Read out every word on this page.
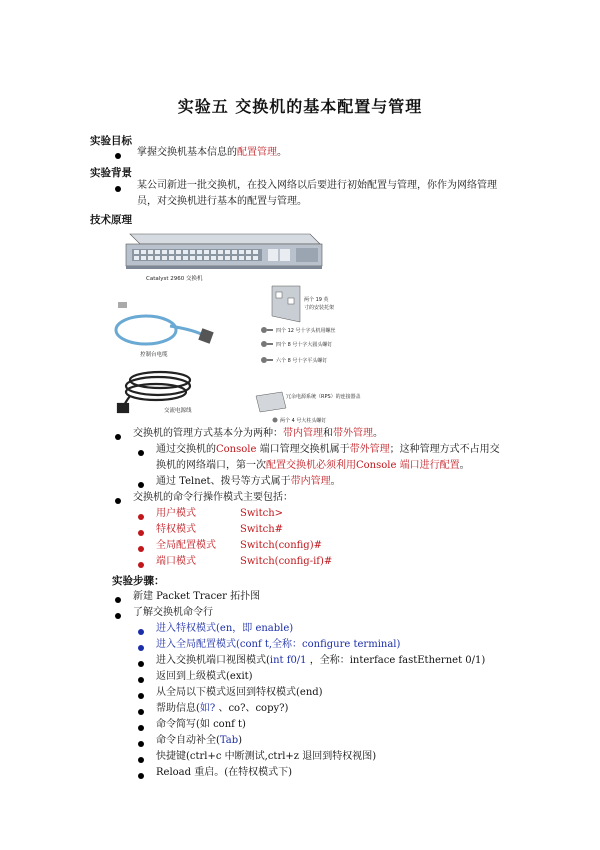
实验五 交换机的基本配置与管理
实验目标
掌握交换机基本信息的配置管理。
实验背景
某公司新进一批交换机，在投入网络以后要进行初始配置与管理，你作为网络管理
员，对交换机进行基本的配置与管理。
技术原理
Catalyst 2960 交换机
两个 19 英
寸的安装托架
四个 12 号十字头机用螺丝
四个 8 号十字大圆头螺钉
六个 8 号十字平头螺钉
控制台电缆
交流电源线
冗余电源系统（RPS）的连接器盖
两个 4 号大柱头螺钉
交换机的管理方式基本分为两种：带内管理和带外管理。
通过交换机的Console 端口管理交换机属于带外管理；这种管理方式不占用交
换机的网络端口，第一次配置交换机必须利用Console 端口进行配置。
通过 Telnet、拨号等方式属于带内管理。
交换机的命令行操作模式主要包括：
用户模式	Switch>
特权模式	Switch#
全局配置模式 Switch(config)#
端口模式	Switch(config-if)#
实验步骤：
新建 Packet Tracer 拓扑图
了解交换机命令行
进入特权模式(en，即 enable)
进入全局配置模式(conf t,全称：configure terminal)
进入交换机端口视图模式(int f0/1 ，全称：interface fastEthernet 0/1)
返回到上级模式(exit)
从全局以下模式返回到特权模式(end)
帮助信息(如? 、co?、copy?)
命令简写(如 conf t)
命令自动补全(Tab)
快捷键(ctrl+c 中断测试,ctrl+z 退回到特权视图)
Reload 重启。(在特权模式下)
